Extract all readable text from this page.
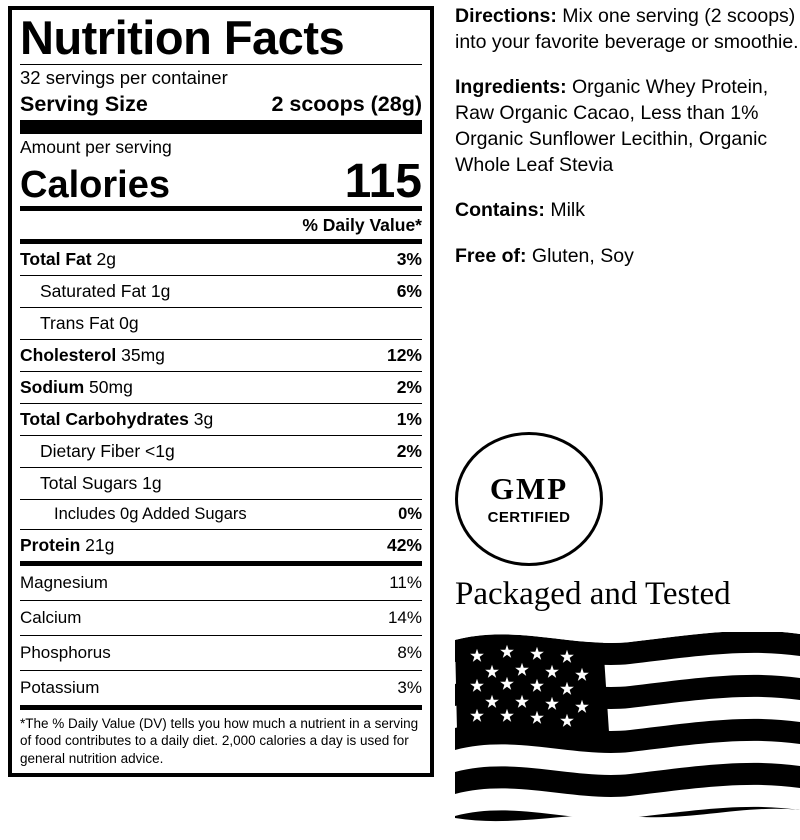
Nutrition Facts
32 servings per container
Serving Size	2 scoops (28g)
Amount per serving
Calories	115
% Daily Value*
Total Fat 2g	3%
Saturated Fat 1g	6%
Trans Fat 0g
Cholesterol 35mg	12%
Sodium 50mg	2%
Total Carbohydrates 3g	1%
Dietary Fiber <1g	2%
Total Sugars 1g
Includes 0g Added Sugars	0%
Protein 21g	42%
Magnesium	11%
Calcium	14%
Phosphorus	8%
Potassium	3%
*The % Daily Value (DV) tells you how much a nutrient in a serving of food contributes to a daily diet. 2,000 calories a day is used for general nutrition advice.

Directions: Mix one serving (2 scoops) into your favorite beverage or smoothie.

Ingredients: Organic Whey Protein, Raw Organic Cacao, Less than 1% Organic Sunflower Lecithin, Organic Whole Leaf Stevia

Contains: Milk

Free of: Gluten, Soy

GMP
CERTIFIED
Packaged and Tested
